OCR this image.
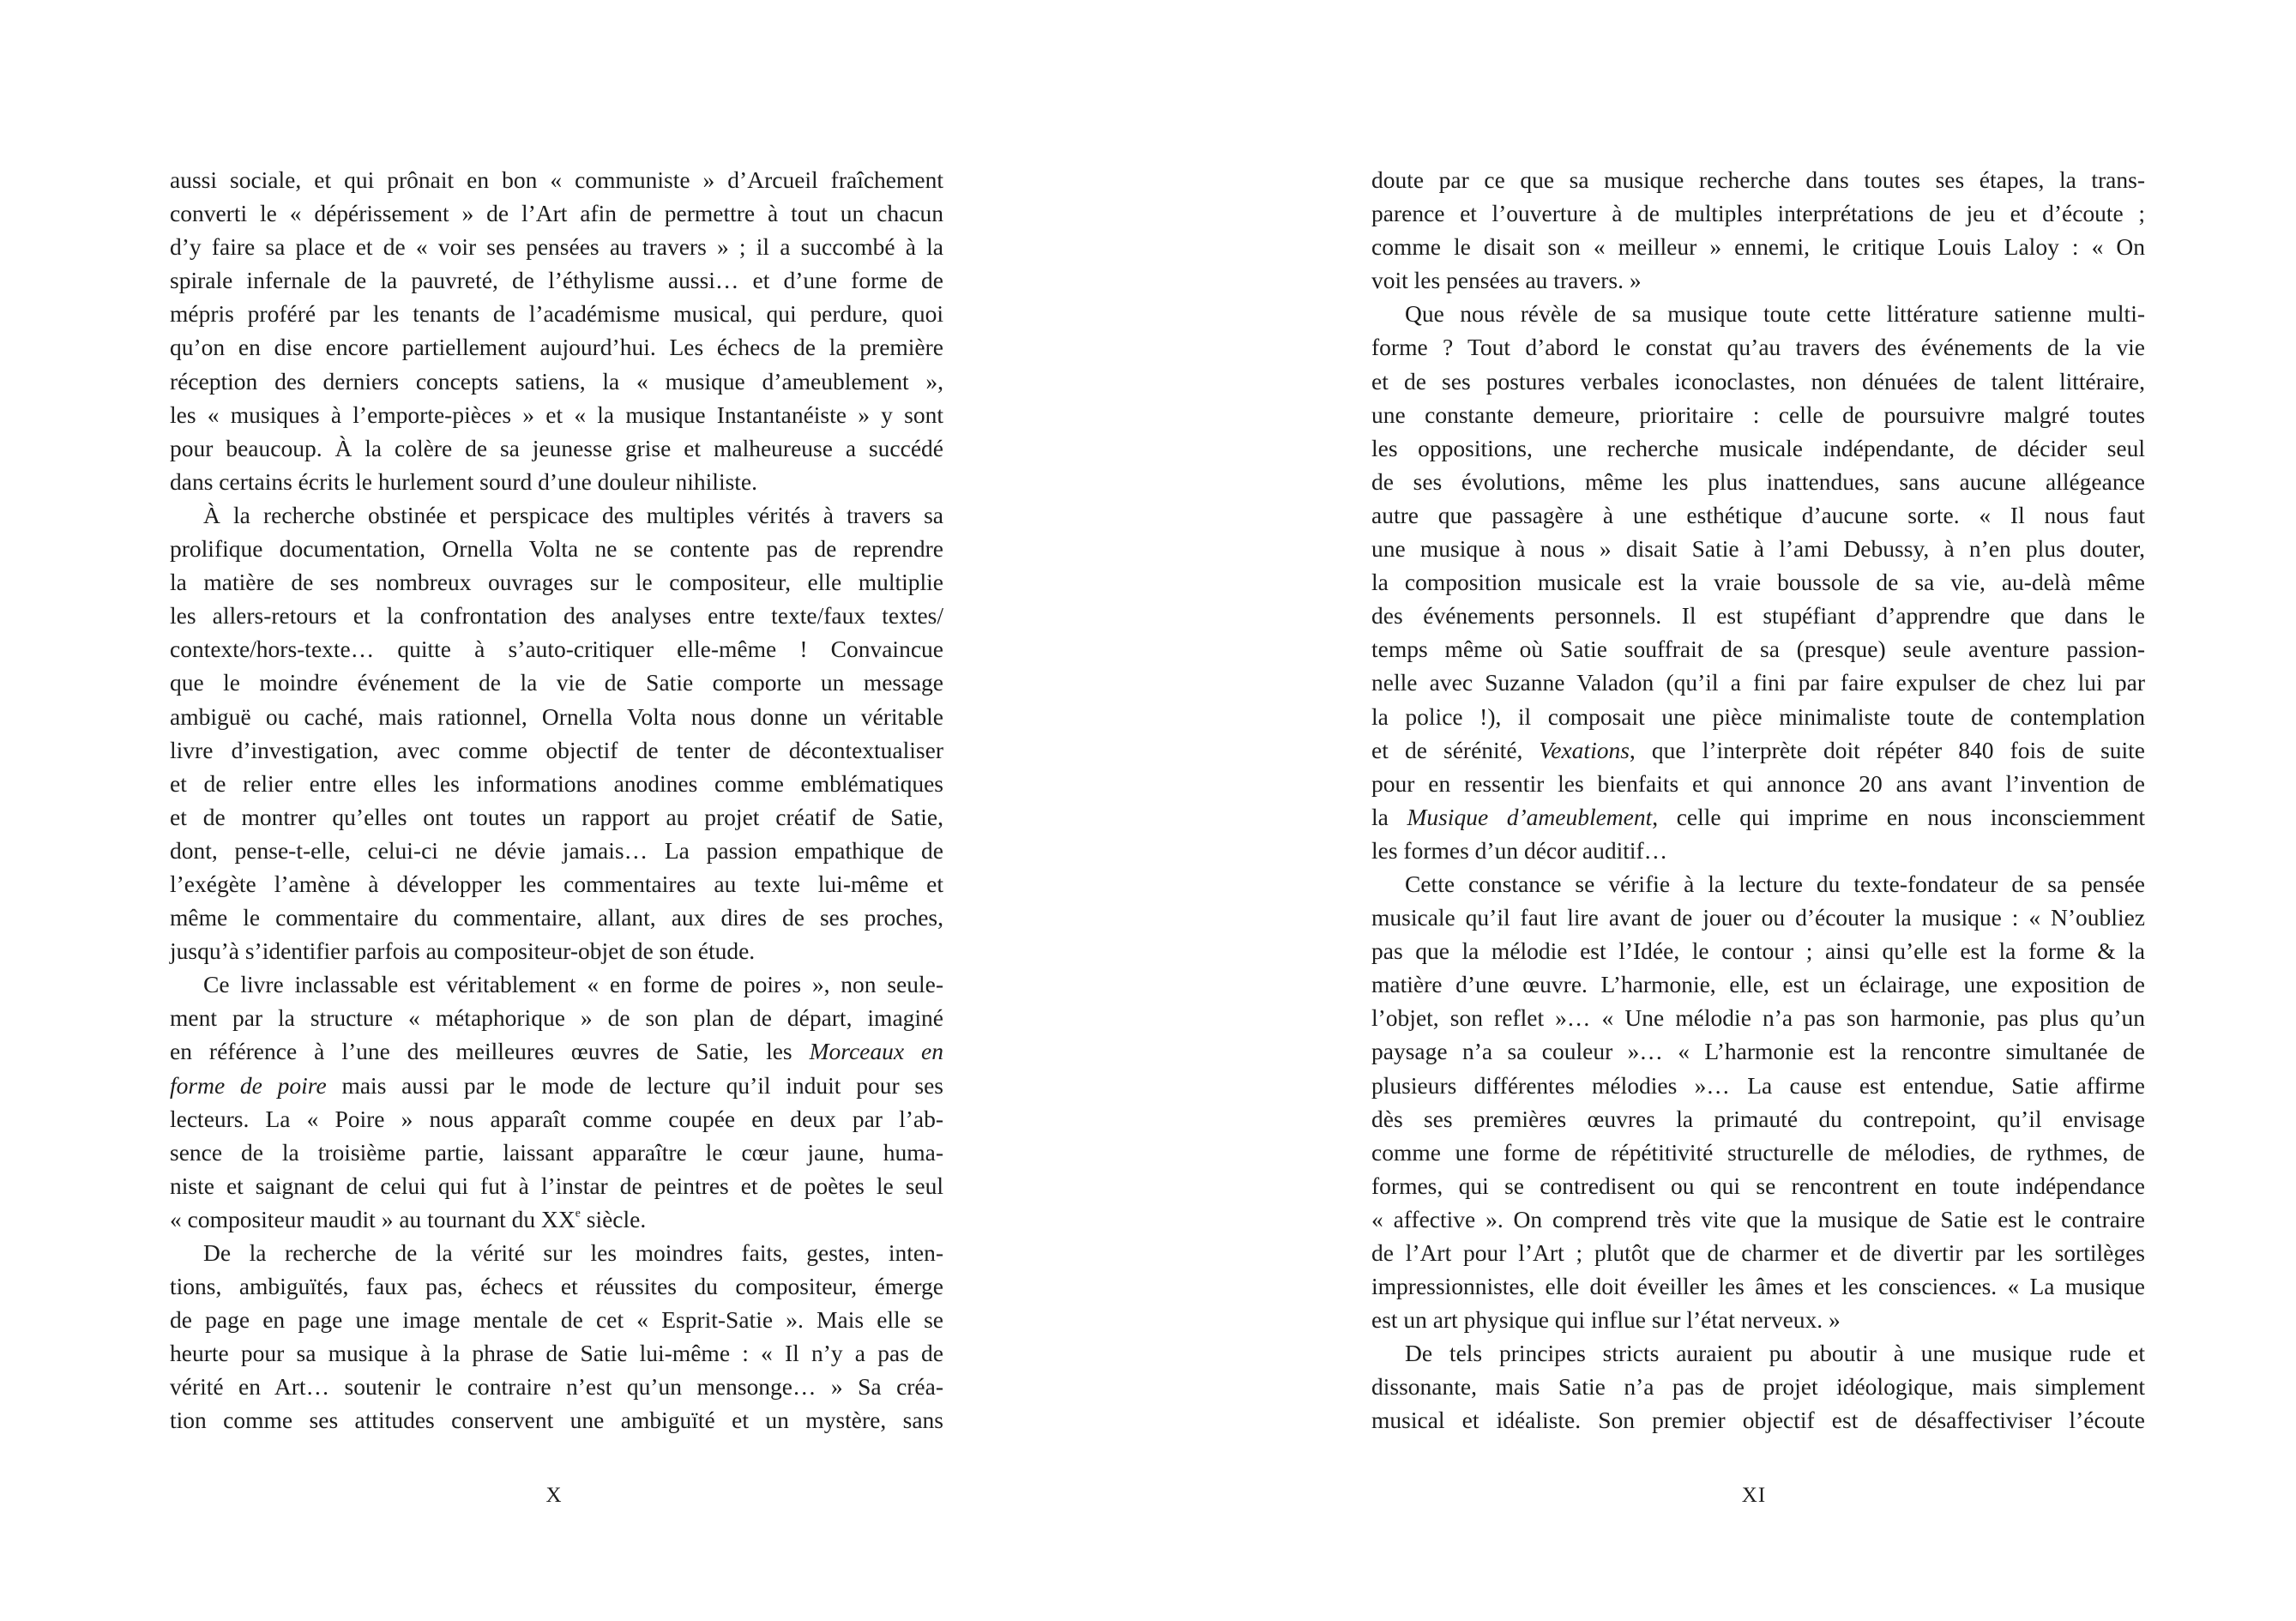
aussi sociale, et qui prônait en bon « communiste » d’Arcueil fraîchement
converti le « dépérissement » de l’Art afin de permettre à tout un chacun
d’y faire sa place et de « voir ses pensées au travers » ; il a succombé à la
spirale infernale de la pauvreté, de l’éthylisme aussi… et d’une forme de
mépris proféré par les tenants de l’académisme musical, qui perdure, quoi
qu’on en dise encore partiellement aujourd’hui. Les échecs de la première
réception des derniers concepts satiens, la « musique d’ameublement »,
les « musiques à l’emporte-pièces » et « la musique Instantanéiste » y sont
pour beaucoup. À la colère de sa jeunesse grise et malheureuse a succédé
dans certains écrits le hurlement sourd d’une douleur nihiliste.
À la recherche obstinée et perspicace des multiples vérités à travers sa
prolifique documentation, Ornella Volta ne se contente pas de reprendre
la matière de ses nombreux ouvrages sur le compositeur, elle multiplie
les allers-retours et la confrontation des analyses entre texte/faux textes/
contexte/hors-texte… quitte à s’auto-critiquer elle-même ! Convaincue
que le moindre événement de la vie de Satie comporte un message
ambiguë ou caché, mais rationnel, Ornella Volta nous donne un véritable
livre d’investigation, avec comme objectif de tenter de décontextualiser
et de relier entre elles les informations anodines comme emblématiques
et de montrer qu’elles ont toutes un rapport au projet créatif de Satie,
dont, pense-t-elle, celui-ci ne dévie jamais… La passion empathique de
l’exégète l’amène à développer les commentaires au texte lui-même et
même le commentaire du commentaire, allant, aux dires de ses proches,
jusqu’à s’identifier parfois au compositeur-objet de son étude.
Ce livre inclassable est véritablement « en forme de poires », non seule-
ment par la structure « métaphorique » de son plan de départ, imaginé
en référence à l’une des meilleures œuvres de Satie, les Morceaux en
forme de poire mais aussi par le mode de lecture qu’il induit pour ses
lecteurs. La « Poire » nous apparaît comme coupée en deux par l’ab-
sence de la troisième partie, laissant apparaître le cœur jaune, huma-
niste et saignant de celui qui fut à l’instar de peintres et de poètes le seul
« compositeur maudit » au tournant du XXe siècle.
De la recherche de la vérité sur les moindres faits, gestes, inten-
tions, ambiguïtés, faux pas, échecs et réussites du compositeur, émerge
de page en page une image mentale de cet « Esprit-Satie ». Mais elle se
heurte pour sa musique à la phrase de Satie lui-même : « Il n’y a pas de
vérité en Art… soutenir le contraire n’est qu’un mensonge… » Sa créa-
tion comme ses attitudes conservent une ambiguïté et un mystère, sans
X
doute par ce que sa musique recherche dans toutes ses étapes, la trans-
parence et l’ouverture à de multiples interprétations de jeu et d’écoute ;
comme le disait son « meilleur » ennemi, le critique Louis Laloy : « On
voit les pensées au travers. »
Que nous révèle de sa musique toute cette littérature satienne multi-
forme ? Tout d’abord le constat qu’au travers des événements de la vie
et de ses postures verbales iconoclastes, non dénuées de talent littéraire,
une constante demeure, prioritaire : celle de poursuivre malgré toutes
les oppositions, une recherche musicale indépendante, de décider seul
de ses évolutions, même les plus inattendues, sans aucune allégeance
autre que passagère à une esthétique d’aucune sorte. « Il nous faut
une musique à nous » disait Satie à l’ami Debussy, à n’en plus douter,
la composition musicale est la vraie boussole de sa vie, au-delà même
des événements personnels. Il est stupéfiant d’apprendre que dans le
temps même où Satie souffrait de sa (presque) seule aventure passion-
nelle avec Suzanne Valadon (qu’il a fini par faire expulser de chez lui par
la police !), il composait une pièce minimaliste toute de contemplation
et de sérénité, Vexations, que l’interprète doit répéter 840 fois de suite
pour en ressentir les bienfaits et qui annonce 20 ans avant l’invention de
la Musique d’ameublement, celle qui imprime en nous inconsciemment
les formes d’un décor auditif…
Cette constance se vérifie à la lecture du texte-fondateur de sa pensée
musicale qu’il faut lire avant de jouer ou d’écouter la musique : « N’oubliez
pas que la mélodie est l’Idée, le contour ; ainsi qu’elle est la forme & la
matière d’une œuvre. L’harmonie, elle, est un éclairage, une exposition de
l’objet, son reflet »… « Une mélodie n’a pas son harmonie, pas plus qu’un
paysage n’a sa couleur »… « L’harmonie est la rencontre simultanée de
plusieurs différentes mélodies »… La cause est entendue, Satie affirme
dès ses premières œuvres la primauté du contrepoint, qu’il envisage
comme une forme de répétitivité structurelle de mélodies, de rythmes, de
formes, qui se contredisent ou qui se rencontrent en toute indépendance
« affective ». On comprend très vite que la musique de Satie est le contraire
de l’Art pour l’Art ; plutôt que de charmer et de divertir par les sortilèges
impressionnistes, elle doit éveiller les âmes et les consciences. « La musique
est un art physique qui influe sur l’état nerveux. »
De tels principes stricts auraient pu aboutir à une musique rude et
dissonante, mais Satie n’a pas de projet idéologique, mais simplement
musical et idéaliste. Son premier objectif est de désaffectiviser l’écoute
XI
